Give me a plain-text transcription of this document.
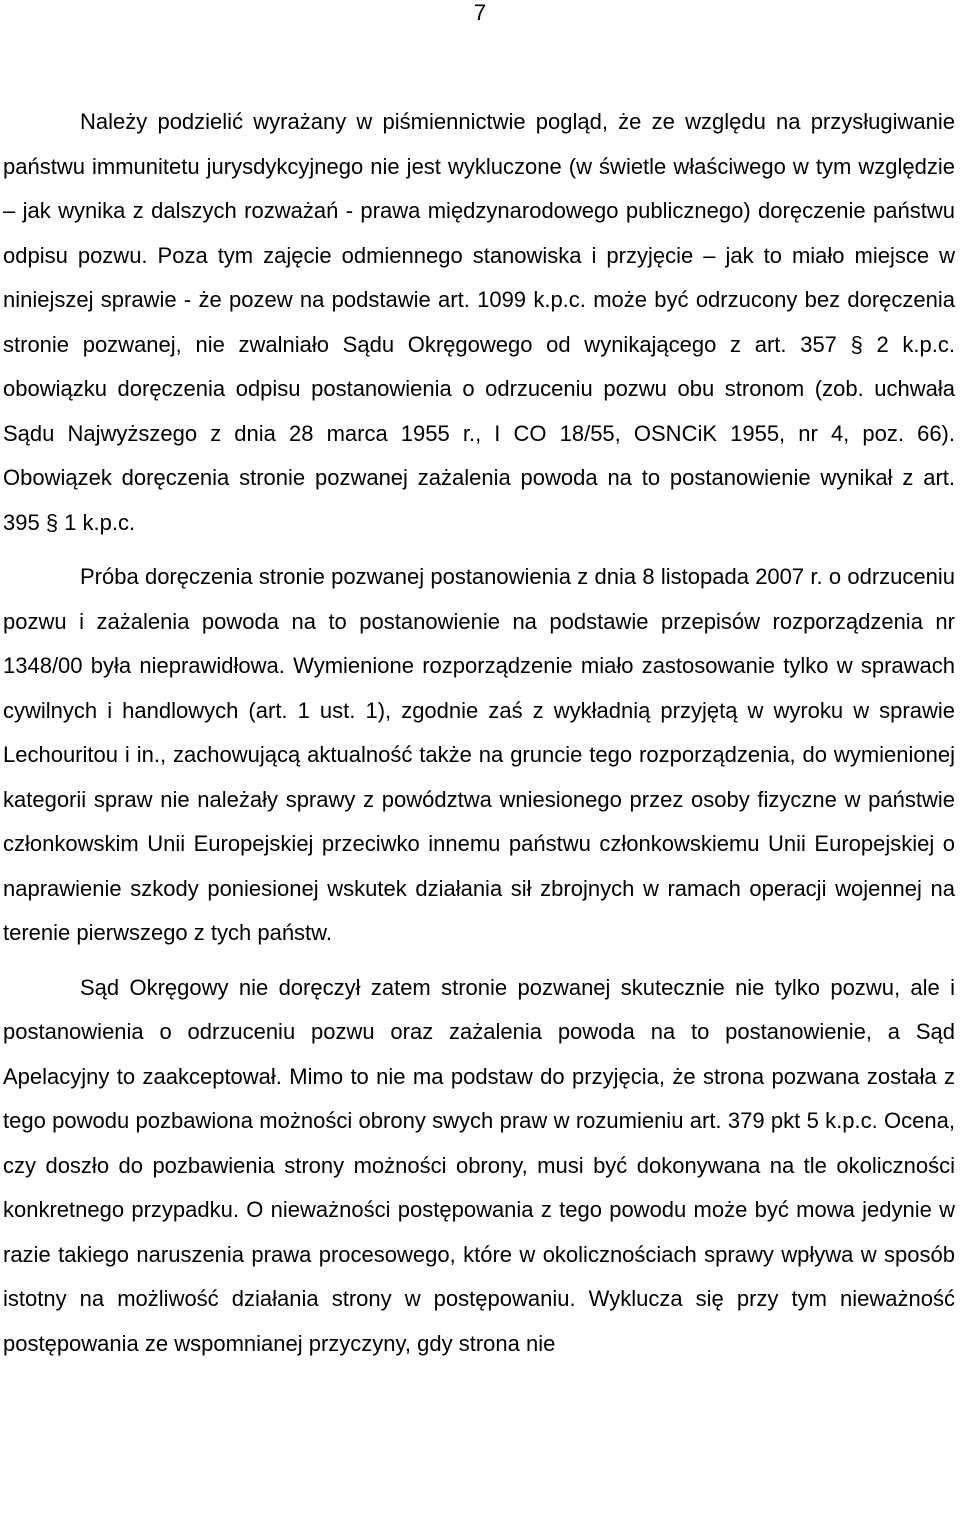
7

Należy podzielić wyrażany w piśmiennictwie pogląd, że ze względu na przysługiwanie państwu immunitetu jurysdykcyjnego nie jest wykluczone (w świetle właściwego w tym względzie – jak wynika z dalszych rozważań - prawa międzynarodowego publicznego) doręczenie państwu odpisu pozwu. Poza tym zajęcie odmiennego stanowiska i przyjęcie – jak to miało miejsce w niniejszej sprawie - że pozew na podstawie art. 1099 k.p.c. może być odrzucony bez doręczenia stronie pozwanej, nie zwalniało Sądu Okręgowego od wynikającego z art. 357 § 2 k.p.c. obowiązku doręczenia odpisu postanowienia o odrzuceniu pozwu obu stronom (zob. uchwała Sądu Najwyższego z dnia 28 marca 1955 r., I CO 18/55, OSNCiK 1955, nr 4, poz. 66). Obowiązek doręczenia stronie pozwanej zażalenia powoda na to postanowienie wynikał z art. 395 § 1 k.p.c.

Próba doręczenia stronie pozwanej postanowienia z dnia 8 listopada 2007 r. o odrzuceniu pozwu i zażalenia powoda na to postanowienie na podstawie przepisów rozporządzenia nr 1348/00 była nieprawidłowa. Wymienione rozporządzenie miało zastosowanie tylko w sprawach cywilnych i handlowych (art. 1 ust. 1), zgodnie zaś z wykładnią przyjętą w wyroku w sprawie Lechouritou i in., zachowującą aktualność także na gruncie tego rozporządzenia, do wymienionej kategorii spraw nie należały sprawy z powództwa wniesionego przez osoby fizyczne w państwie członkowskim Unii Europejskiej przeciwko innemu państwu członkowskiemu Unii Europejskiej o naprawienie szkody poniesionej wskutek działania sił zbrojnych w ramach operacji wojennej na terenie pierwszego z tych państw.

Sąd Okręgowy nie doręczył zatem stronie pozwanej skutecznie nie tylko pozwu, ale i postanowienia o odrzuceniu pozwu oraz zażalenia powoda na to postanowienie, a Sąd Apelacyjny to zaakceptował. Mimo to nie ma podstaw do przyjęcia, że strona pozwana została z tego powodu pozbawiona możności obrony swych praw w rozumieniu art. 379 pkt 5 k.p.c. Ocena, czy doszło do pozbawienia strony możności obrony, musi być dokonywana na tle okoliczności konkretnego przypadku. O nieważności postępowania z tego powodu może być mowa jedynie w razie takiego naruszenia prawa procesowego, które w okolicznościach sprawy wpływa w sposób istotny na możliwość działania strony w postępowaniu. Wyklucza się przy tym nieważność postępowania ze wspomnianej przyczyny, gdy strona nie
